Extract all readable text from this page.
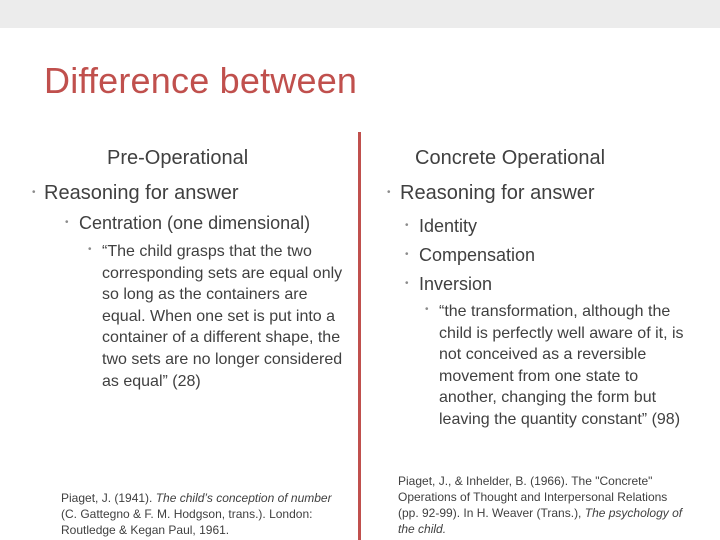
Difference between
Pre-Operational
• Reasoning for answer
• Centration (one dimensional)
• “The child grasps that the two corresponding sets are equal only so long as the containers are equal. When one set is put into a container of a different shape, the two sets are no longer considered as equal” (28)
Piaget, J. (1941). The child’s conception of number (C. Gattegno & F. M. Hodgson, trans.). London: Routledge & Kegan Paul, 1961.
Concrete Operational
• Reasoning for answer
• Identity
• Compensation
• Inversion
• “the transformation, although the child is perfectly well aware of it, is not conceived as a reversible movement from one state to another, changing the form but leaving the quantity constant” (98)
Piaget, J., & Inhelder, B. (1966). The "Concrete" Operations of Thought and Interpersonal Relations (pp. 92-99). In H. Weaver (Trans.), The psychology of the child.
